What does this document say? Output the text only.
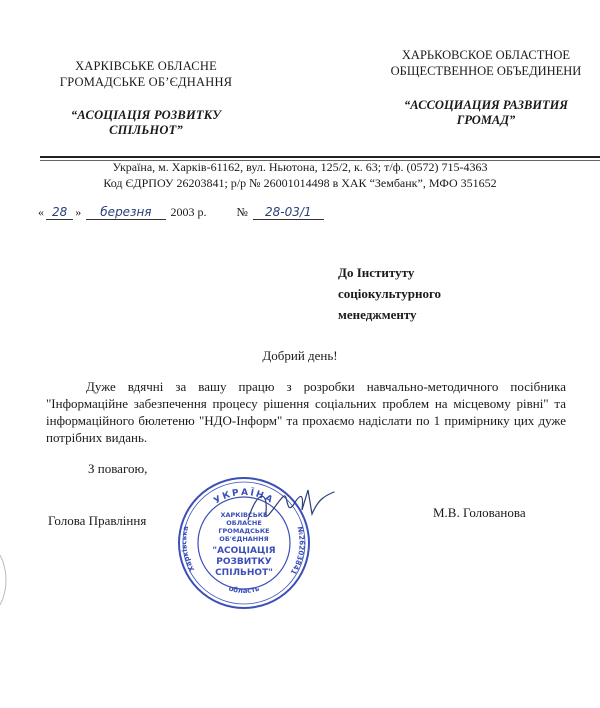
ХАРКІВСЬКЕ ОБЛАСНЕ
ГРОМАДСЬКЕ ОБ’ЄДНАННЯ
“АСОЦІАЦІЯ РОЗВИТКУ
СПІЛЬНОТ”
ХАРЬКОВСКОЕ ОБЛАСТНОЕ
ОБЩЕСТВЕННОЕ ОБЪЕДИНЕНИ
“АССОЦИАЦИЯ РАЗВИТИЯ
ГРОМАД”
Україна, м. Харків-61162, вул. Ньютона, 125/2, к. 63; т/ф. (0572) 715-4363
Код ЄДРПОУ 26203841; р/р № 26001014498 в ХАК “Зембанк”, МФО 351652
« 28 » березня 2003 р.	№ 28-03/1
До Інституту
соціокультурного
менеджменту
Добрий день!
Дуже вдячні за вашу працю з розробки навчально-методичного посібника "Інформаційне забезпечення процесу рішення соціальних проблем на місцевому рівні" та інформаційного бюлетеню "НДО-Інформ" та прохаємо надіслати по 1 примірнику цих дуже потрібних видань.
З повагою,
Голова Правління
М.В. Голованова
УКРАЇНА
Харківська	№26203841
область
ХАРКІВСЬКЕ
ОБЛАСНЕ
ГРОМАДСЬКЕ
ОБ'ЄДНАННЯ
"АСОЦІАЦІЯ
РОЗВИТКУ
СПІЛЬНОТ"
